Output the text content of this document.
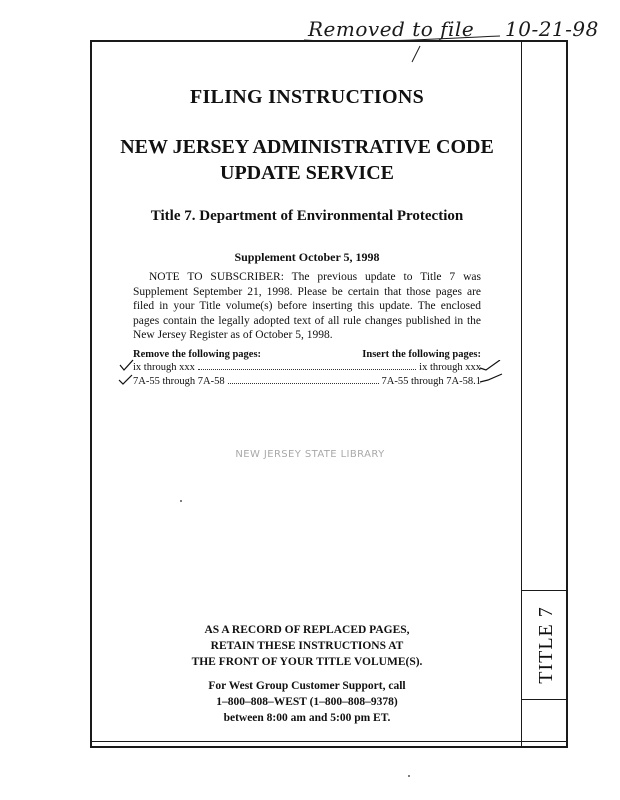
Removed to file 10-21-98
TITLE 7
FILING INSTRUCTIONS
NEW JERSEY ADMINISTRATIVE CODE
UPDATE SERVICE
Title 7. Department of Environmental Protection
Supplement October 5, 1998
NOTE TO SUBSCRIBER: The previous update to Title 7 was Supplement September 21, 1998. Please be certain that those pages are filed in your Title volume(s) before inserting this update. The enclosed pages contain the legally adopted text of all rule changes published in the New Jersey Register as of October 5, 1998.
Remove the following pages:	Insert the following pages:
ix through xxx	ix through xxx
7A-55 through 7A-58	7A-55 through 7A-58.1
NEW JERSEY STATE LIBRARY
AS A RECORD OF REPLACED PAGES,
RETAIN THESE INSTRUCTIONS AT
THE FRONT OF YOUR TITLE VOLUME(S).
For West Group Customer Support, call
1–800–808–WEST (1–800–808–9378)
between 8:00 am and 5:00 pm ET.
